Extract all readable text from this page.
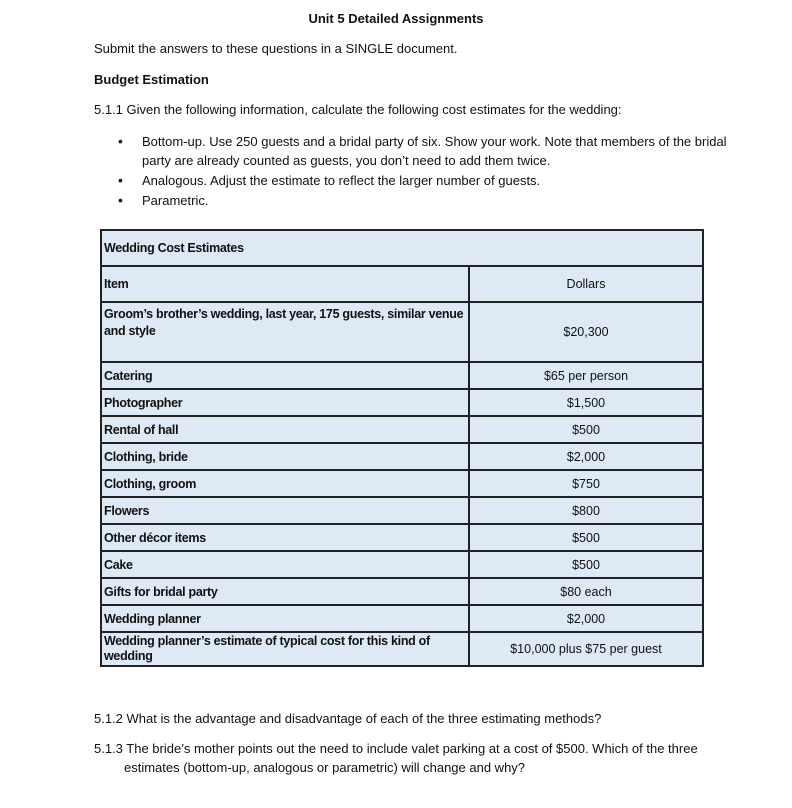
Unit 5 Detailed Assignments
Submit the answers to these questions in a SINGLE document.
Budget Estimation
5.1.1 Given the following information, calculate the following cost estimates for the wedding:
• Bottom-up. Use 250 guests and a bridal party of six. Show your work. Note that members of the bridal party are already counted as guests, you don’t need to add them twice.
• Analogous. Adjust the estimate to reflect the larger number of guests.
• Parametric.
Wedding Cost Estimates	
Item	Dollars
Groom’s brother’s wedding, last year, 175 guests, similar venue and style	$20,300
Catering	$65 per person
Photographer	$1,500
Rental of hall	$500
Clothing, bride	$2,000
Clothing, groom	$750
Flowers	$800
Other décor items	$500
Cake	$500
Gifts for bridal party	$80 each
Wedding planner	$2,000
Wedding planner’s estimate of typical cost for this kind of wedding	$10,000 plus $75 per guest
5.1.2 What is the advantage and disadvantage of each of the three estimating methods?
5.1.3 The bride’s mother points out the need to include valet parking at a cost of $500. Which of the three estimates (bottom-up, analogous or parametric) will change and why?
